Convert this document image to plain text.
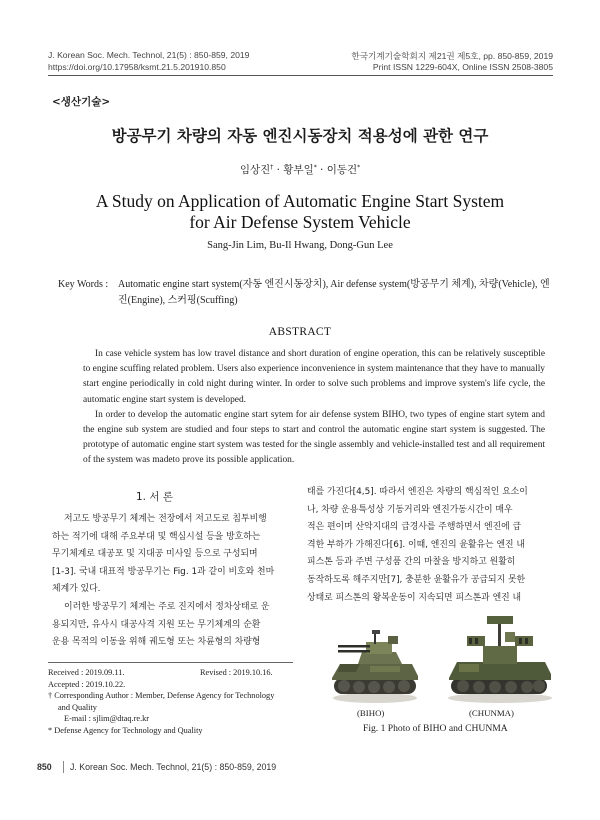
J. Korean Soc. Mech. Technol, 21(5) : 850-859, 2019
https://doi.org/10.17958/ksmt.21.5.201910.850
한국기계기술학회지 제21권 제5호, pp. 850-859, 2019
Print ISSN 1229-604X, Online ISSN 2508-3805
<생산기술>
방공무기 차량의 자동 엔진시동장치 적용성에 관한 연구
임상진† · 황부일* · 이동건*
A Study on Application of Automatic Engine Start System
for Air Defense System Vehicle
Sang-Jin Lim, Bu-Il Hwang, Dong-Gun Lee
Key Words : Automatic engine start system(자동 엔진시동장치), Air defense system(방공무기 체계), 차량(Vehicle), 엔진(Engine), 스커핑(Scuffing)
ABSTRACT

In case vehicle system has low travel distance and short duration of engine operation, this can be relatively susceptible to engine scuffing related problem. Users also experience inconvenience in system maintenance that they have to manually start engine periodically in cold night during winter. In order to solve such problems and improve system's life cycle, the automatic engine start system is developed.

In order to develop the automatic engine start sytem for air defense system BIHO, two types of engine start sytem and the engine sub system are studied and four steps to start and control the automatic engine start system is suggested. The prototype of automatic engine start system was tested for the single assembly and vehicle-installed test and all requirement of the system was madeto prove its possible application.

1. 서 론

저고도 방공무기 체계는 전장에서 저고도로 침투비행

하는 적기에 대해 주요부대 및 핵심시설 등을 방호하는

무기체계로 대공포 및 지대공 미사일 등으로 구성되며

[1-3]. 국내 대표적 방공무기는 Fig. 1과 같이 비호와 천마

체계가 있다.

이러한 방공무기 체계는 주로 진지에서 정차상태로 운

용되지만, 유사시 대공사격 지원 또는 무기체계의 순환

운용 목적의 이동을 위해 궤도형 또는 차륜형의 차량형

태를 가진다[4,5]. 따라서 엔진은 차량의 핵심적인 요소이

나, 차량 운용특성상 기동거리와 엔진가동시간이 매우

적은 편이며 산악지대의 급경사를 주행하면서 엔진에 급

격한 부하가 가해진다[6]. 이때, 엔진의 윤활유는 엔진 내

피스톤 등과 주변 구성품 간의 마찰을 방지하고 원활히

동작하도록 해주지만[7], 충분한 윤활유가 공급되지 못한

상태로 피스톤의 왕복운동이 지속되면 피스톤과 엔진 내

Received : 2019.09.11.	Revised : 2019.10.16.
Accepted : 2019.10.22.
† Corresponding Author : Member, Defense Agency for Technology
and Quality
E-mail : sjlim@dtaq.re.kr
* Defense Agency for Technology and Quality
(BIHO)	(CHUNMA)
Fig. 1 Photo of BIHO and CHUNMA
850 J. Korean Soc. Mech. Technol, 21(5) : 850-859, 2019
